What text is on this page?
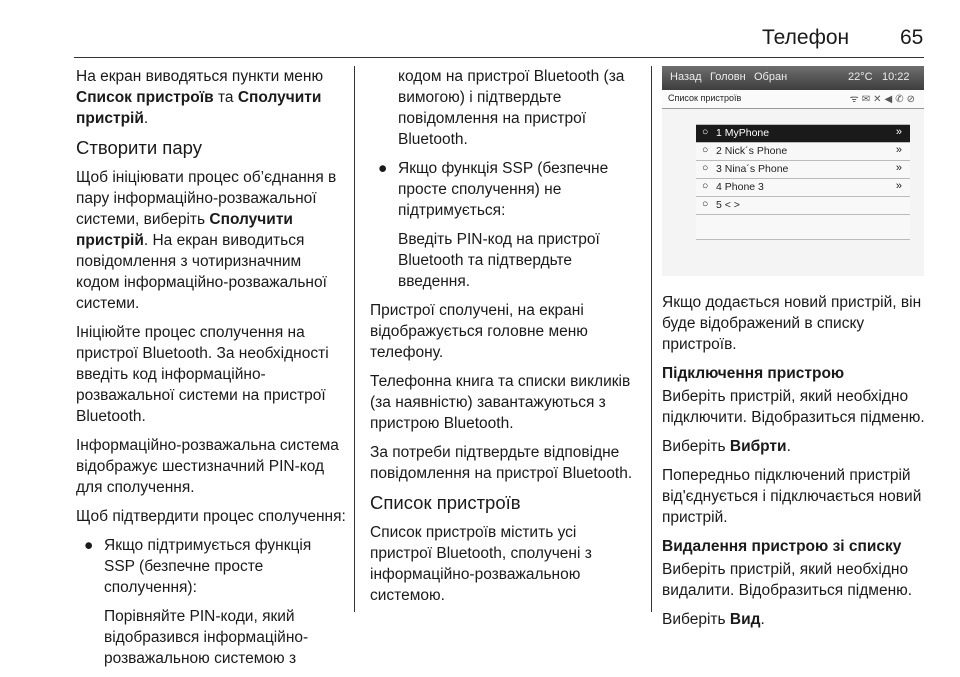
Телефон 65

На екран виводяться пункти меню Список пристроїв та Сполучити пристрій.

Створити пару

Щоб ініціювати процес об’єднання в пару інформаційно-розважальної системи, виберіть Сполучити пристрій. На екран виводиться повідомлення з чотиризначним кодом інформаційно-розважальної системи.

Ініціюйте процес сполучення на пристрої Bluetooth. За необхідності введіть код інформаційно-розважальної системи на пристрої Bluetooth.

Інформаційно-розважальна система відображує шестизначний PIN-код для сполучення.

Щоб підтвердити процес сполучення:

● Якщо підтримується функція SSP (безпечне просте сполучення):

Порівняйте PIN-коди, який відобразився інформаційно-розважальною системою з

кодом на пристрої Bluetooth (за вимогою) і підтвердьте повідомлення на пристрої Bluetooth.

● Якщо функція SSP (безпечне просте сполучення) не підтримується:

Введіть PIN-код на пристрої Bluetooth та підтвердьте введення.

Пристрої сполучені, на екрані відображується головне меню телефону.

Телефонна книга та списки викликів (за наявністю) завантажуються з пристрою Bluetooth.

За потреби підтвердьте відповідне повідомлення на пристрої Bluetooth.

Список пристроїв

Список пристроїв містить усі пристрої Bluetooth, сполучені з інформаційно-розважальною системою.

Назад Головн Обран	22°C 10:22
Список пристроїв	ᯤ✉✕◀✆⊘
○ 1 MyPhone	»
○ 2 Nick´s Phone	»
○ 3 Nina´s Phone	»
○ 4 Phone 3	»
○ 5 < >

Якщо додається новий пристрій, він буде відображений в списку пристроїв.

Підключення пристрою

Виберіть пристрій, який необхідно підключити. Відобразиться підменю.

Виберіть Вибрти.

Попередньо підключений пристрій від'єднується і підключається новий пристрій.

Видалення пристрою зі списку

Виберіть пристрій, який необхідно видалити. Відобразиться підменю.

Виберіть Вид.
